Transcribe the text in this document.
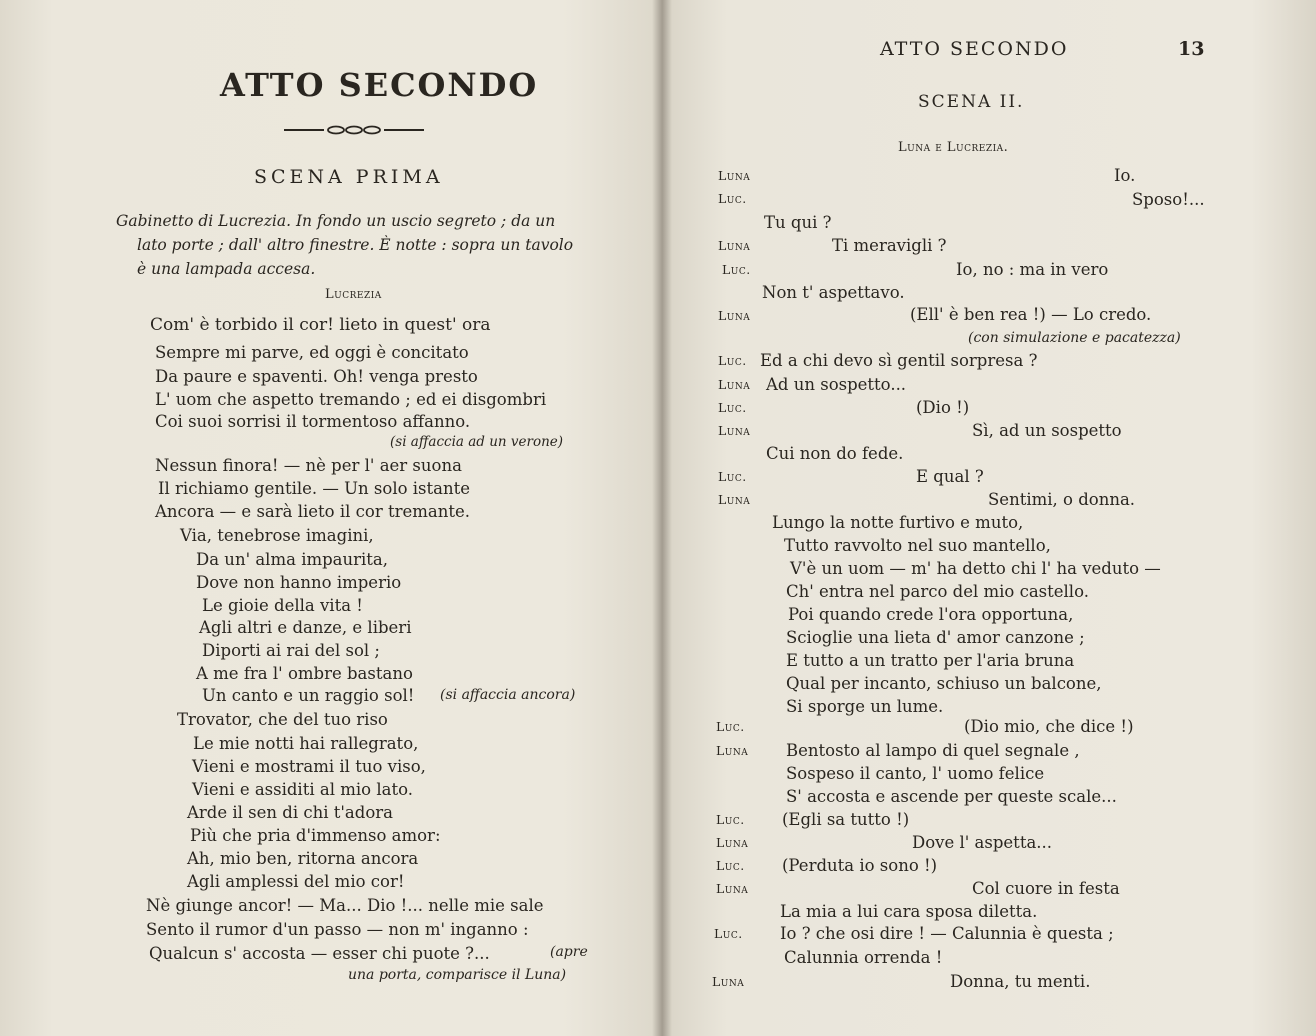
ATTO SECONDO
SCENA PRIMA
Gabinetto di Lucrezia. In fondo un uscio segreto ; da un
lato porte ; dall' altro finestre. È notte : sopra un tavolo
è una lampada accesa.
Lucrezia
Com' è torbido il cor! lieto in quest' ora
Sempre mi parve, ed oggi è concitato
Da paure e spaventi. Oh! venga presto
L' uom che aspetto tremando ; ed ei disgombri
Coi suoi sorrisi il tormentoso affanno.
(si affaccia ad un verone)
Nessun finora! — nè per l' aer suona
Il richiamo gentile. — Un solo istante
Ancora — e sarà lieto il cor tremante.
Via, tenebrose imagini,
Da un' alma impaurita,
Dove non hanno imperio
Le gioie della vita !
Agli altri e danze, e liberi
Diporti ai rai del sol ;
A me fra l' ombre bastano
Un canto e un raggio sol! (si affaccia ancora)
Trovator, che del tuo riso
Le mie notti hai rallegrato,
Vieni e mostrami il tuo viso,
Vieni e assiditi al mio lato.
Arde il sen di chi t'adora
Più che pria d'immenso amor:
Ah, mio ben, ritorna ancora
Agli amplessi del mio cor!
Nè giunge ancor! — Ma... Dio !... nelle mie sale
Sento il rumor d'un passo — non m' inganno :
Qualcun s' accosta — esser chi puote ?...	(apre
una porta, comparisce il Luna)
ATTO SECONDO	13
SCENA II.
Luna e Lucrezia.
Luna	Io.
Luc.	Sposo!...
Tu qui ?
Luna	Ti meravigli ?
Luc.	Io, no : ma in vero
Non t' aspettavo.
Luna	(Ell' è ben rea !) — Lo credo.
(con simulazione e pacatezza)
Luc. Ed a chi devo sì gentil sorpresa ?
Luna Ad un sospetto...
Luc.	(Dio !)
Luna	Sì, ad un sospetto
Cui non do fede.
Luc.	E qual ?
Luna	Sentimi, o donna.
Lungo la notte furtivo e muto,
Tutto ravvolto nel suo mantello,
V'è un uom — m' ha detto chi l' ha veduto —
Ch' entra nel parco del mio castello.
Poi quando crede l'ora opportuna,
Scioglie una lieta d' amor canzone ;
E tutto a un tratto per l'aria bruna
Qual per incanto, schiuso un balcone,
Si sporge un lume.
Luc.	(Dio mio, che dice !)
Luna Bentosto al lampo di quel segnale ,
Sospeso il canto, l' uomo felice
S' accosta e ascende per queste scale...
Luc. (Egli sa tutto !)
Luna	Dove l' aspetta...
Luc. (Perduta io sono !)
Luna	Col cuore in festa
La mia a lui cara sposa diletta.
Luc. Io ? che osi dire ! — Calunnia è questa ;
Calunnia orrenda !
Luna	Donna, tu menti.
